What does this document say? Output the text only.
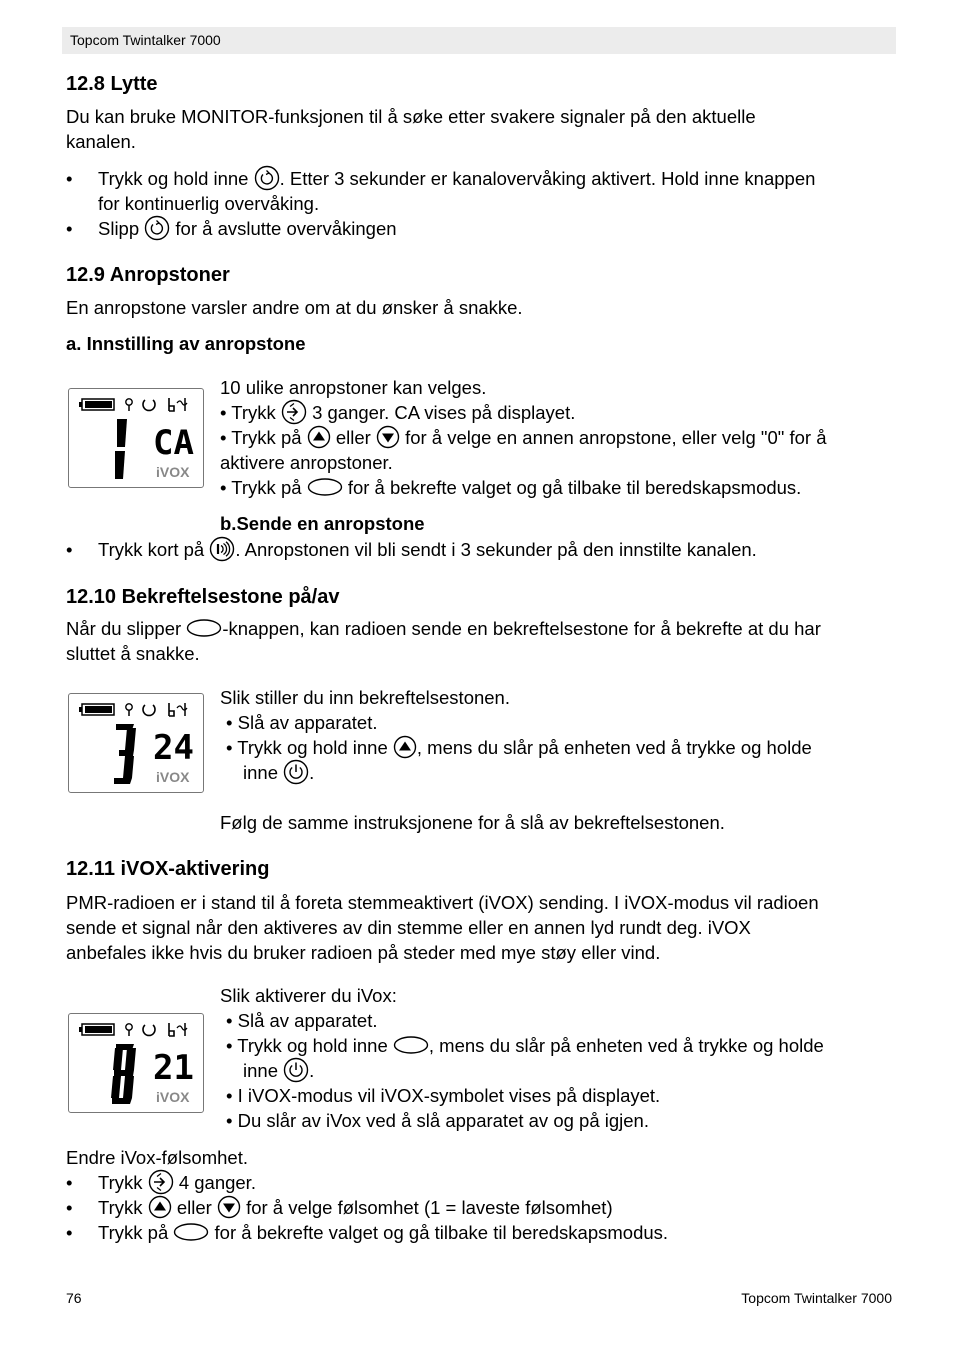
Topcom Twintalker 7000
12.8 Lytte
Du kan bruke MONITOR-funksjonen til å søke etter svakere signaler på den aktuelle
kanalen.
• Trykk og hold inne . Etter 3 sekunder er kanalovervåking aktivert. Hold inne knappen
for kontinuerlig overvåking.
• Slipp for å avslutte overvåkingen
12.9 Anropstoner
En anropstone varsler andre om at du ønsker å snakke.
a. Innstilling av anropstone
CA
iVOX
10 ulike anropstoner kan velges.
• Trykk 3 ganger. CA vises på displayet.
• Trykk på eller for å velge en annen anropstone, eller velg "0" for å
aktivere anropstoner.
• Trykk på	for å bekrefte valget og gå tilbake til beredskapsmodus.
b.Sende en anropstone
• Trykk kort på . Anropstonen vil bli sendt i 3 sekunder på den innstilte kanalen.
12.10 Bekreftelsestone på/av
Når du slipper -knappen, kan radioen sende en bekreftelsestone for å bekrefte at du har
sluttet å snakke.
24
iVOX
Slik stiller du inn bekreftelsestonen.
• Slå av apparatet.
• Trykk og hold inne , mens du slår på enheten ved å trykke og holde
inne .
Følg de samme instruksjonene for å slå av bekreftelsestonen.
12.11 iVOX-aktivering
PMR-radioen er i stand til å foreta stemmeaktivert (iVOX) sending. I iVOX-modus vil radioen
sende et signal når den aktiveres av din stemme eller en annen lyd rundt deg. iVOX
anbefales ikke hvis du bruker radioen på steder med mye støy eller vind.
21
iVOX
Slik aktiverer du iVox:
• Slå av apparatet.
• Trykk og hold inne , mens du slår på enheten ved å trykke og holde
inne .
• I iVOX-modus vil iVOX-symbolet vises på displayet.
• Du slår av iVox ved å slå apparatet av og på igjen.
Endre iVox-følsomhet.
• Trykk 4 ganger.
• Trykk eller for å velge følsomhet (1 = laveste følsomhet)
• Trykk på	for å bekrefte valget og gå tilbake til beredskapsmodus.
76	Topcom Twintalker 7000
